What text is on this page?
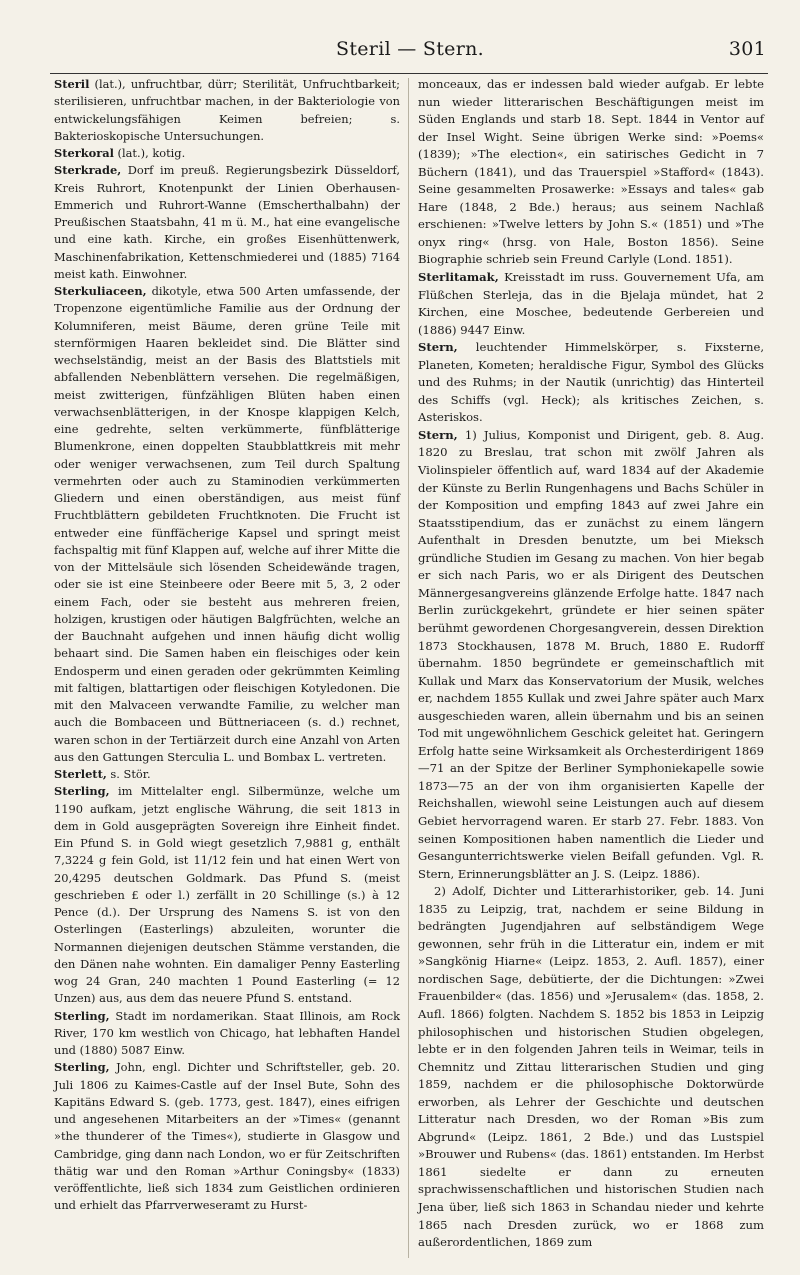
Steril — Stern.	301

Steril (lat.), unfruchtbar, dürr; Sterilität, Unfruchtbarkeit; sterilisieren, unfruchtbar machen, in der Bakteriologie von entwickelungsfähigen Keimen befreien; s. Bakterioskopische Untersuchungen.

Sterkoral (lat.), kotig.

Sterkrade, Dorf im preuß. Regierungsbezirk Düsseldorf, Kreis Ruhrort, Knotenpunkt der Linien Oberhausen-Emmerich und Ruhrort-Wanne (Emscherthalbahn) der Preußischen Staatsbahn, 41 m ü. M., hat eine evangelische und eine kath. Kirche, ein großes Eisenhüttenwerk, Maschinenfabrikation, Kettenschmiederei und (1885) 7164 meist kath. Einwohner.

Sterkuliaceen, dikotyle, etwa 500 Arten umfassende, der Tropenzone eigentümliche Familie aus der Ordnung der Kolumniferen, meist Bäume, deren grüne Teile mit sternförmigen Haaren bekleidet sind. Die Blätter sind wechselständig, meist an der Basis des Blattstiels mit abfallenden Nebenblättern versehen. Die regelmäßigen, meist zwitterigen, fünfzähligen Blüten haben einen verwachsenblätterigen, in der Knospe klappigen Kelch, eine gedrehte, selten verkümmerte, fünfblätterige Blumenkrone, einen doppelten Staubblattkreis mit mehr oder weniger verwachsenen, zum Teil durch Spaltung vermehrten oder auch zu Staminodien verkümmerten Gliedern und einen oberständigen, aus meist fünf Fruchtblättern gebildeten Fruchtknoten. Die Frucht ist entweder eine fünffächerige Kapsel und springt meist fachspaltig mit fünf Klappen auf, welche auf ihrer Mitte die von der Mittelsäule sich lösenden Scheidewände tragen, oder sie ist eine Steinbeere oder Beere mit 5, 3, 2 oder einem Fach, oder sie besteht aus mehreren freien, holzigen, krustigen oder häutigen Balgfrüchten, welche an der Bauchnaht aufgehen und innen häufig dicht wollig behaart sind. Die Samen haben ein fleischiges oder kein Endosperm und einen geraden oder gekrümmten Keimling mit faltigen, blattartigen oder fleischigen Kotyledonen. Die mit den Malvaceen verwandte Familie, zu welcher man auch die Bombaceen und Büttneriaceen (s. d.) rechnet, waren schon in der Tertiärzeit durch eine Anzahl von Arten aus den Gattungen Sterculia L. und Bombax L. vertreten.

Sterlett, s. Stör.

Sterling, im Mittelalter engl. Silbermünze, welche um 1190 aufkam, jetzt englische Währung, die seit 1813 in dem in Gold ausgeprägten Sovereign ihre Einheit findet. Ein Pfund S. in Gold wiegt gesetzlich 7,9881 g, enthält 7,3224 g fein Gold, ist 11/12 fein und hat einen Wert von 20,4295 deutschen Goldmark. Das Pfund S. (meist geschrieben £ oder l.) zerfällt in 20 Schillinge (s.) à 12 Pence (d.). Der Ursprung des Namens S. ist von den Osterlingen (Easterlings) abzuleiten, worunter die Normannen diejenigen deutschen Stämme verstanden, die den Dänen nahe wohnten. Ein damaliger Penny Easterling wog 24 Gran, 240 machten 1 Pound Easterling (= 12 Unzen) aus, aus dem das neuere Pfund S. entstand.

Sterling, Stadt im nordamerikan. Staat Illinois, am Rock River, 170 km westlich von Chicago, hat lebhaften Handel und (1880) 5087 Einw.

Sterling, John, engl. Dichter und Schriftsteller, geb. 20. Juli 1806 zu Kaimes-Castle auf der Insel Bute, Sohn des Kapitäns Edward S. (geb. 1773, gest. 1847), eines eifrigen und angesehenen Mitarbeiters an der »Times« (genannt »the thunderer of the Times«), studierte in Glasgow und Cambridge, ging dann nach London, wo er für Zeitschriften thätig war und den Roman »Arthur Coningsby« (1833) veröffentlichte, ließ sich 1834 zum Geistlichen ordinieren und erhielt das Pfarrverweseramt zu Hurst-

monceaux, das er indessen bald wieder aufgab. Er lebte nun wieder litterarischen Beschäftigungen meist im Süden Englands und starb 18. Sept. 1844 in Ventor auf der Insel Wight. Seine übrigen Werke sind: »Poems« (1839); »The election«, ein satirisches Gedicht in 7 Büchern (1841), und das Trauerspiel »Stafford« (1843). Seine gesammelten Prosawerke: »Essays and tales« gab Hare (1848, 2 Bde.) heraus; aus seinem Nachlaß erschienen: »Twelve letters by John S.« (1851) und »The onyx ring« (hrsg. von Hale, Boston 1856). Seine Biographie schrieb sein Freund Carlyle (Lond. 1851).

Sterlitamak, Kreisstadt im russ. Gouvernement Ufa, am Flüßchen Sterleja, das in die Bjelaja mündet, hat 2 Kirchen, eine Moschee, bedeutende Gerbereien und (1886) 9447 Einw.

Stern, leuchtender Himmelskörper, s. Fixsterne, Planeten, Kometen; heraldische Figur, Symbol des Glücks und des Ruhms; in der Nautik (unrichtig) das Hinterteil des Schiffs (vgl. Heck); als kritisches Zeichen, s. Asteriskos.

Stern, 1) Julius, Komponist und Dirigent, geb. 8. Aug. 1820 zu Breslau, trat schon mit zwölf Jahren als Violinspieler öffentlich auf, ward 1834 auf der Akademie der Künste zu Berlin Rungenhagens und Bachs Schüler in der Komposition und empfing 1843 auf zwei Jahre ein Staatsstipendium, das er zunächst zu einem längern Aufenthalt in Dresden benutzte, um bei Mieksch gründliche Studien im Gesang zu machen. Von hier begab er sich nach Paris, wo er als Dirigent des Deutschen Männergesangvereins glänzende Erfolge hatte. 1847 nach Berlin zurückgekehrt, gründete er hier seinen später berühmt gewordenen Chorgesangverein, dessen Direktion 1873 Stockhausen, 1878 M. Bruch, 1880 E. Rudorff übernahm. 1850 begründete er gemeinschaftlich mit Kullak und Marx das Konservatorium der Musik, welches er, nachdem 1855 Kullak und zwei Jahre später auch Marx ausgeschieden waren, allein übernahm und bis an seinen Tod mit ungewöhnlichem Geschick geleitet hat. Geringern Erfolg hatte seine Wirksamkeit als Orchesterdirigent 1869—71 an der Spitze der Berliner Symphoniekapelle sowie 1873—75 an der von ihm organisierten Kapelle der Reichshallen, wiewohl seine Leistungen auch auf diesem Gebiet hervorragend waren. Er starb 27. Febr. 1883. Von seinen Kompositionen haben namentlich die Lieder und Gesangunterrichtswerke vielen Beifall gefunden. Vgl. R. Stern, Erinnerungsblätter an J. S. (Leipz. 1886).

2) Adolf, Dichter und Litterarhistoriker, geb. 14. Juni 1835 zu Leipzig, trat, nachdem er seine Bildung in bedrängten Jugendjahren auf selbständigem Wege gewonnen, sehr früh in die Litteratur ein, indem er mit »Sangkönig Hiarne« (Leipz. 1853, 2. Aufl. 1857), einer nordischen Sage, debütierte, der die Dichtungen: »Zwei Frauenbilder« (das. 1856) und »Jerusalem« (das. 1858, 2. Aufl. 1866) folgten. Nachdem S. 1852 bis 1853 in Leipzig philosophischen und historischen Studien obgelegen, lebte er in den folgenden Jahren teils in Weimar, teils in Chemnitz und Zittau litterarischen Studien und ging 1859, nachdem er die philosophische Doktorwürde erworben, als Lehrer der Geschichte und deutschen Litteratur nach Dresden, wo der Roman »Bis zum Abgrund« (Leipz. 1861, 2 Bde.) und das Lustspiel »Brouwer und Rubens« (das. 1861) entstanden. Im Herbst 1861 siedelte er dann zu erneuten sprachwissenschaftlichen und historischen Studien nach Jena über, ließ sich 1863 in Schandau nieder und kehrte 1865 nach Dresden zurück, wo er 1868 zum außerordentlichen, 1869 zum
